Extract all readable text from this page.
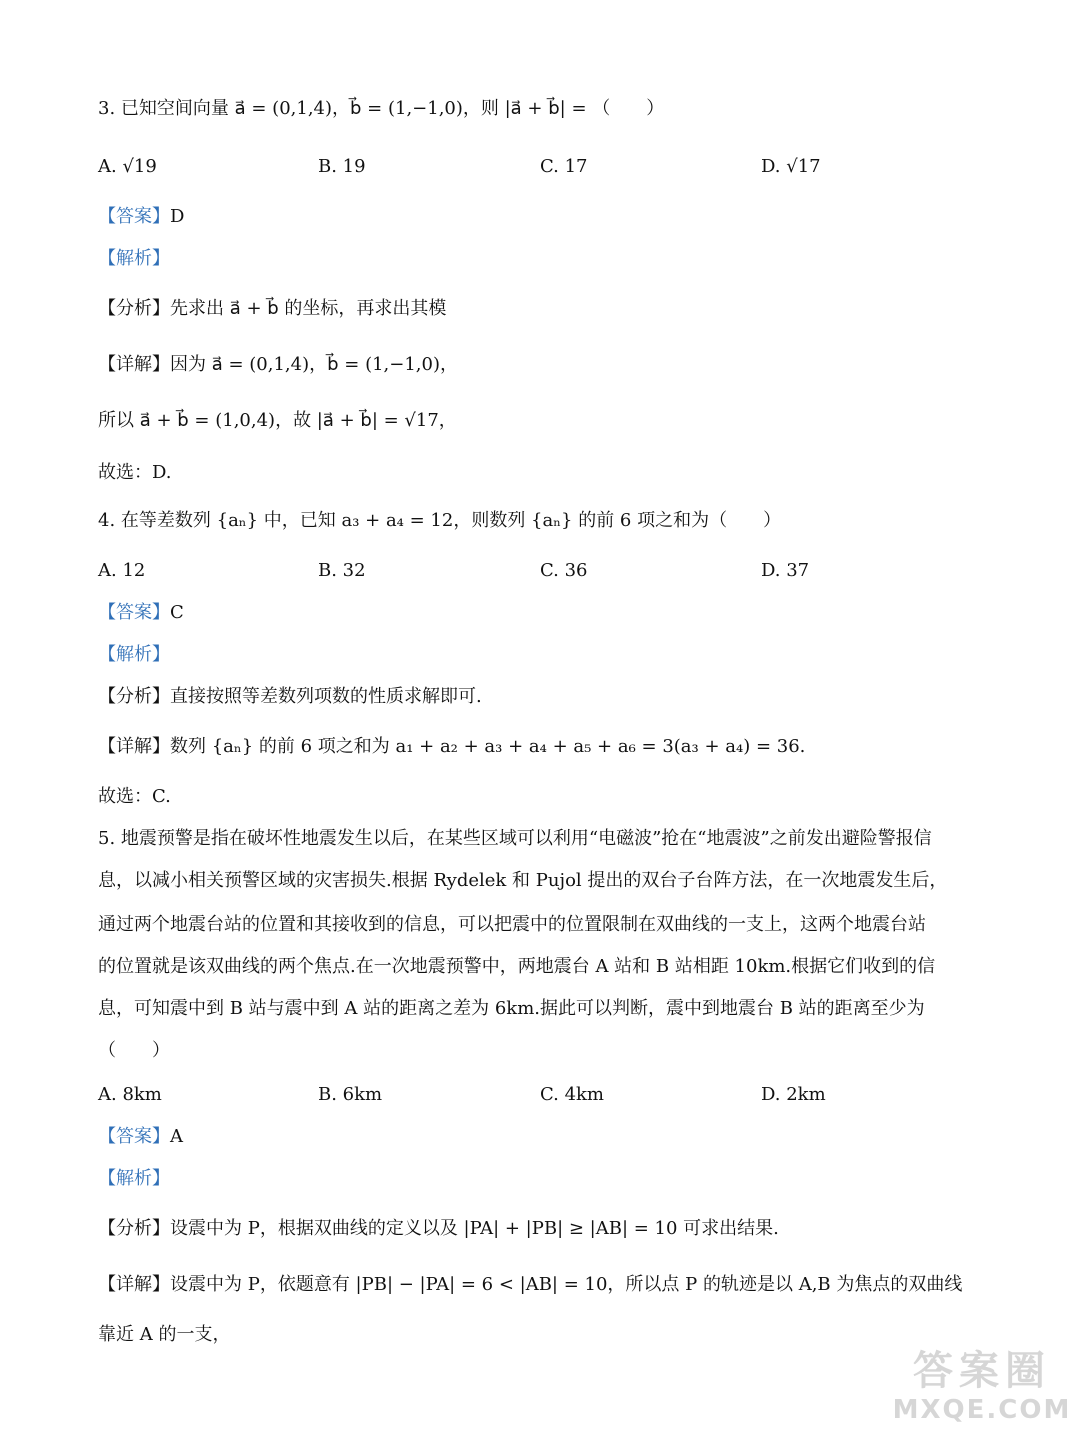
3. 已知空间向量 a⃗ = (0,1,4)，b⃗ = (1,−1,0)，则 |a⃗ + b⃗| = （　　）
A. √19	B. 19	C. 17	D. √17
【答案】D
【解析】
【分析】先求出 a⃗ + b⃗ 的坐标，再求出其模
【详解】因为 a⃗ = (0,1,4)，b⃗ = (1,−1,0)，
所以 a⃗ + b⃗ = (1,0,4)，故 |a⃗ + b⃗| = √17，
故选：D.
4. 在等差数列 {aₙ} 中，已知 a₃ + a₄ = 12，则数列 {aₙ} 的前 6 项之和为（　　）
A. 12	B. 32	C. 36	D. 37
【答案】C
【解析】
【分析】直接按照等差数列项数的性质求解即可.
【详解】数列 {aₙ} 的前 6 项之和为 a₁ + a₂ + a₃ + a₄ + a₅ + a₆ = 3(a₃ + a₄) = 36.
故选：C.
5. 地震预警是指在破坏性地震发生以后，在某些区域可以利用“电磁波”抢在“地震波”之前发出避险警报信
息，以减小相关预警区域的灾害损失.根据 Rydelek 和 Pujol 提出的双台子台阵方法，在一次地震发生后，
通过两个地震台站的位置和其接收到的信息，可以把震中的位置限制在双曲线的一支上，这两个地震台站
的位置就是该双曲线的两个焦点.在一次地震预警中，两地震台 A 站和 B 站相距 10km.根据它们收到的信
息，可知震中到 B 站与震中到 A 站的距离之差为 6km.据此可以判断，震中到地震台 B 站的距离至少为
（　　）
A. 8km	B. 6km	C. 4km	D. 2km
【答案】A
【解析】
【分析】设震中为 P，根据双曲线的定义以及 |PA| + |PB| ≥ |AB| = 10 可求出结果.
【详解】设震中为 P，依题意有 |PB| − |PA| = 6 < |AB| = 10，所以点 P 的轨迹是以 A,B 为焦点的双曲线
靠近 A 的一支，
答案圈
MXQE.COM
